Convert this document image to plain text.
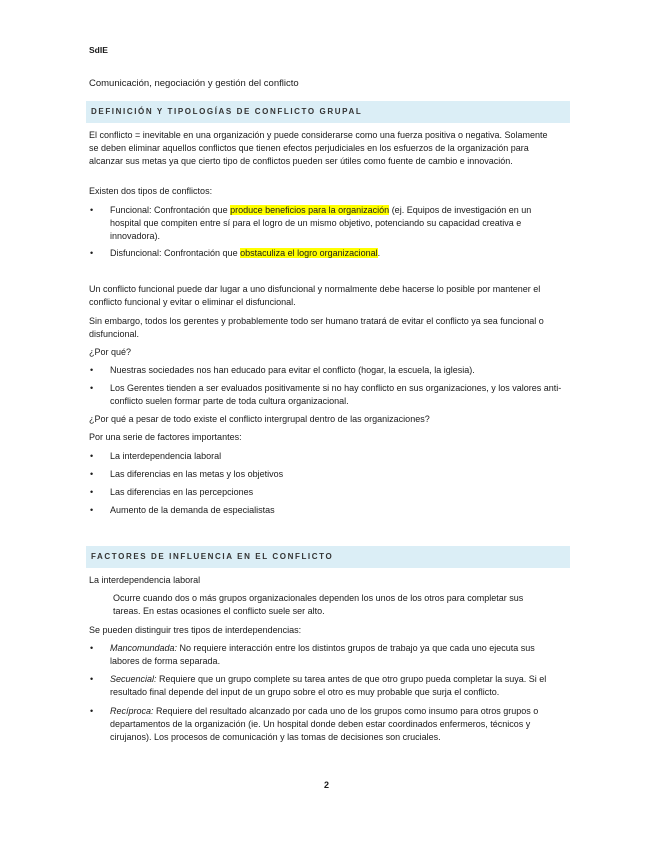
SdIE
Comunicación, negociación y gestión del conflicto
DEFINICIÓN Y TIPOLOGÍAS DE CONFLICTO GRUPAL

El conflicto = inevitable en una organización y puede considerarse como una fuerza positiva o negativa. Solamente se deben eliminar aquellos conflictos que tienen efectos perjudiciales en los esfuerzos de la organización para alcanzar sus metas ya que cierto tipo de conflictos pueden ser útiles como fuente de cambio e innovación.

Existen dos tipos de conflictos:

• Funcional: Confrontación que produce beneficios para la organización (ej. Equipos de investigación en un hospital que compiten entre sí para el logro de un mismo objetivo, potenciando su capacidad creativa e innovadora).

• Disfuncional: Confrontación que obstaculiza el logro organizacional.

Un conflicto funcional puede dar lugar a uno disfuncional y normalmente debe hacerse lo posible por mantener el conflicto funcional y evitar o eliminar el disfuncional.

Sin embargo, todos los gerentes y probablemente todo ser humano tratará de evitar el conflicto ya sea funcional o disfuncional.

¿Por qué?

• Nuestras sociedades nos han educado para evitar el conflicto (hogar, la escuela, la iglesia).

• Los Gerentes tienden a ser evaluados positivamente si no hay conflicto en sus organizaciones, y los valores anti-conflicto suelen formar parte de toda cultura organizacional.

¿Por qué a pesar de todo existe el conflicto intergrupal dentro de las organizaciones?

Por una serie de factores importantes:

• La interdependencia laboral

• Las diferencias en las metas y los objetivos

• Las diferencias en las percepciones

• Aumento de la demanda de especialistas

FACTORES DE INFLUENCIA EN EL CONFLICTO

La interdependencia laboral

Ocurre cuando dos o más grupos organizacionales dependen los unos de los otros para completar sus tareas. En estas ocasiones el conflicto suele ser alto.

Se pueden distinguir tres tipos de interdependencias:

• Mancomundada: No requiere interacción entre los distintos grupos de trabajo ya que cada uno ejecuta sus labores de forma separada.

• Secuencial: Requiere que un grupo complete su tarea antes de que otro grupo pueda completar la suya. Si el resultado final depende del input de un grupo sobre el otro es muy probable que surja el conflicto.

• Recíproca: Requiere del resultado alcanzado por cada uno de los grupos como insumo para otros grupos o departamentos de la organización (ie. Un hospital donde deben estar coordinados enfermeros, técnicos y cirujanos). Los procesos de comunicación y las tomas de decisiones son cruciales.

2
